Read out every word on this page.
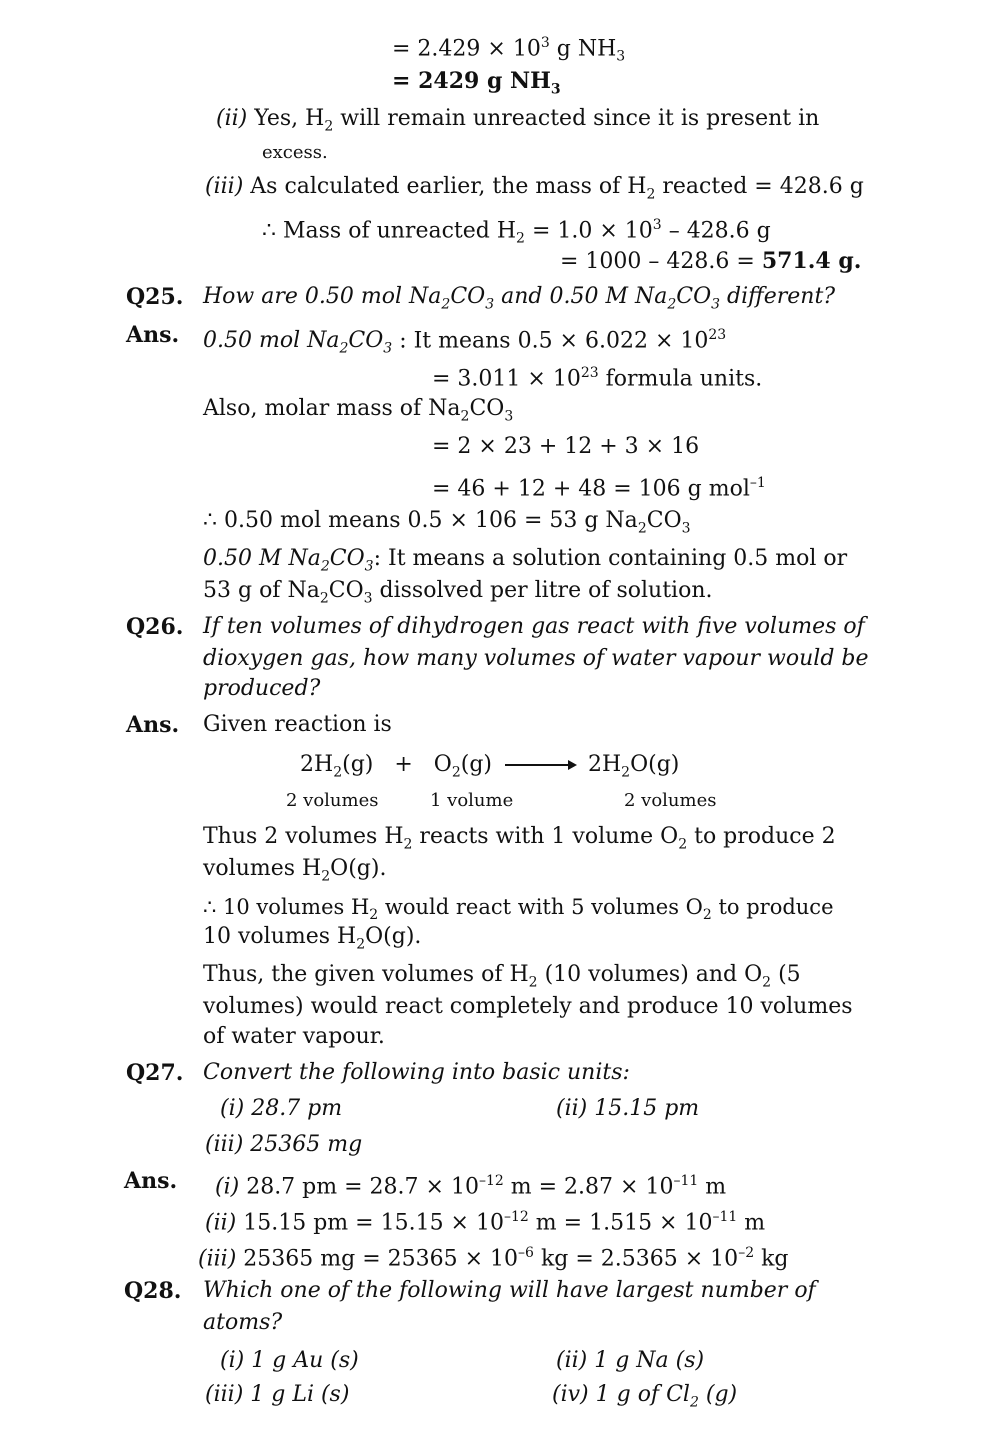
= $2.429 \times 10^3$ g $NH_3$
= 2429 g $NH_3$
(ii) Yes, $H_2$ will remain unreacted since it is present in
excess.
(iii) As calculated earlier, the mass of $H_2$ reacted = 428.6 g
∴ Mass of unreacted $H_2 = 1.0 \times 10^3 - 428.6$ g
= 1000 – 428.6 = 571.4 g.
Q25. How are 0.50 mol $Na_2CO_3$ and 0.50 M $Na_2CO_3$ different?
Ans. 0.50 mol $Na_2CO_3$ : It means $0.5 \times 6.022 \times 10^{23}$
= $3.011 \times 10^{23}$ formula units.
Also, molar mass of $Na_2CO_3$
= 2 × 23 + 12 + 3 × 16
= 46 + 12 + 48 = 106 g mol$^{-1}$
∴ 0.50 mol means 0.5 × 106 = 53 g $Na_2CO_3$
0.50 M $Na_2CO_3$: It means a solution containing 0.5 mol or
53 g of $Na_2CO_3$ dissolved per litre of solution.
Q26. If ten volumes of dihydrogen gas react with five volumes of
dioxygen gas, how many volumes of water vapour would be
produced?
Ans. Given reaction is
$2H_2(g) + O_2(g) \to 2H_2O(g)$
2 volumes	1 volume	2 volumes
Thus 2 volumes $H_2$ reacts with 1 volume $O_2$ to produce 2
volumes $H_2O(g)$.
∴ 10 volumes $H_2$ would react with 5 volumes $O_2$ to produce
10 volumes $H_2O(g)$.
Thus, the given volumes of $H_2$ (10 volumes) and $O_2$ (5
volumes) would react completely and produce 10 volumes
of water vapour.
Q27. Convert the following into basic units:
(i) 28.7 pm	(ii) 15.15 pm
(iii) 25365 mg
Ans. (i) 28.7 pm = $28.7 \times 10^{-12}$ $m = 2.87 \times 10^{-11}$ m
(ii) 15.15 pm = $15.15 \times 10^{-12}$ $m = 1.515 \times 10^{-11}$ m
(iii) 25365 mg = $25365 \times 10^{-6}$ kg = $2.5365 \times 10^{-2}$ kg
Q28. Which one of the following will have largest number of
atoms?
(i) 1 g Au (s)	(ii) 1 g Na (s)
(iii) 1 g Li (s)	(iv) 1 g of $Cl_2$ (g)
